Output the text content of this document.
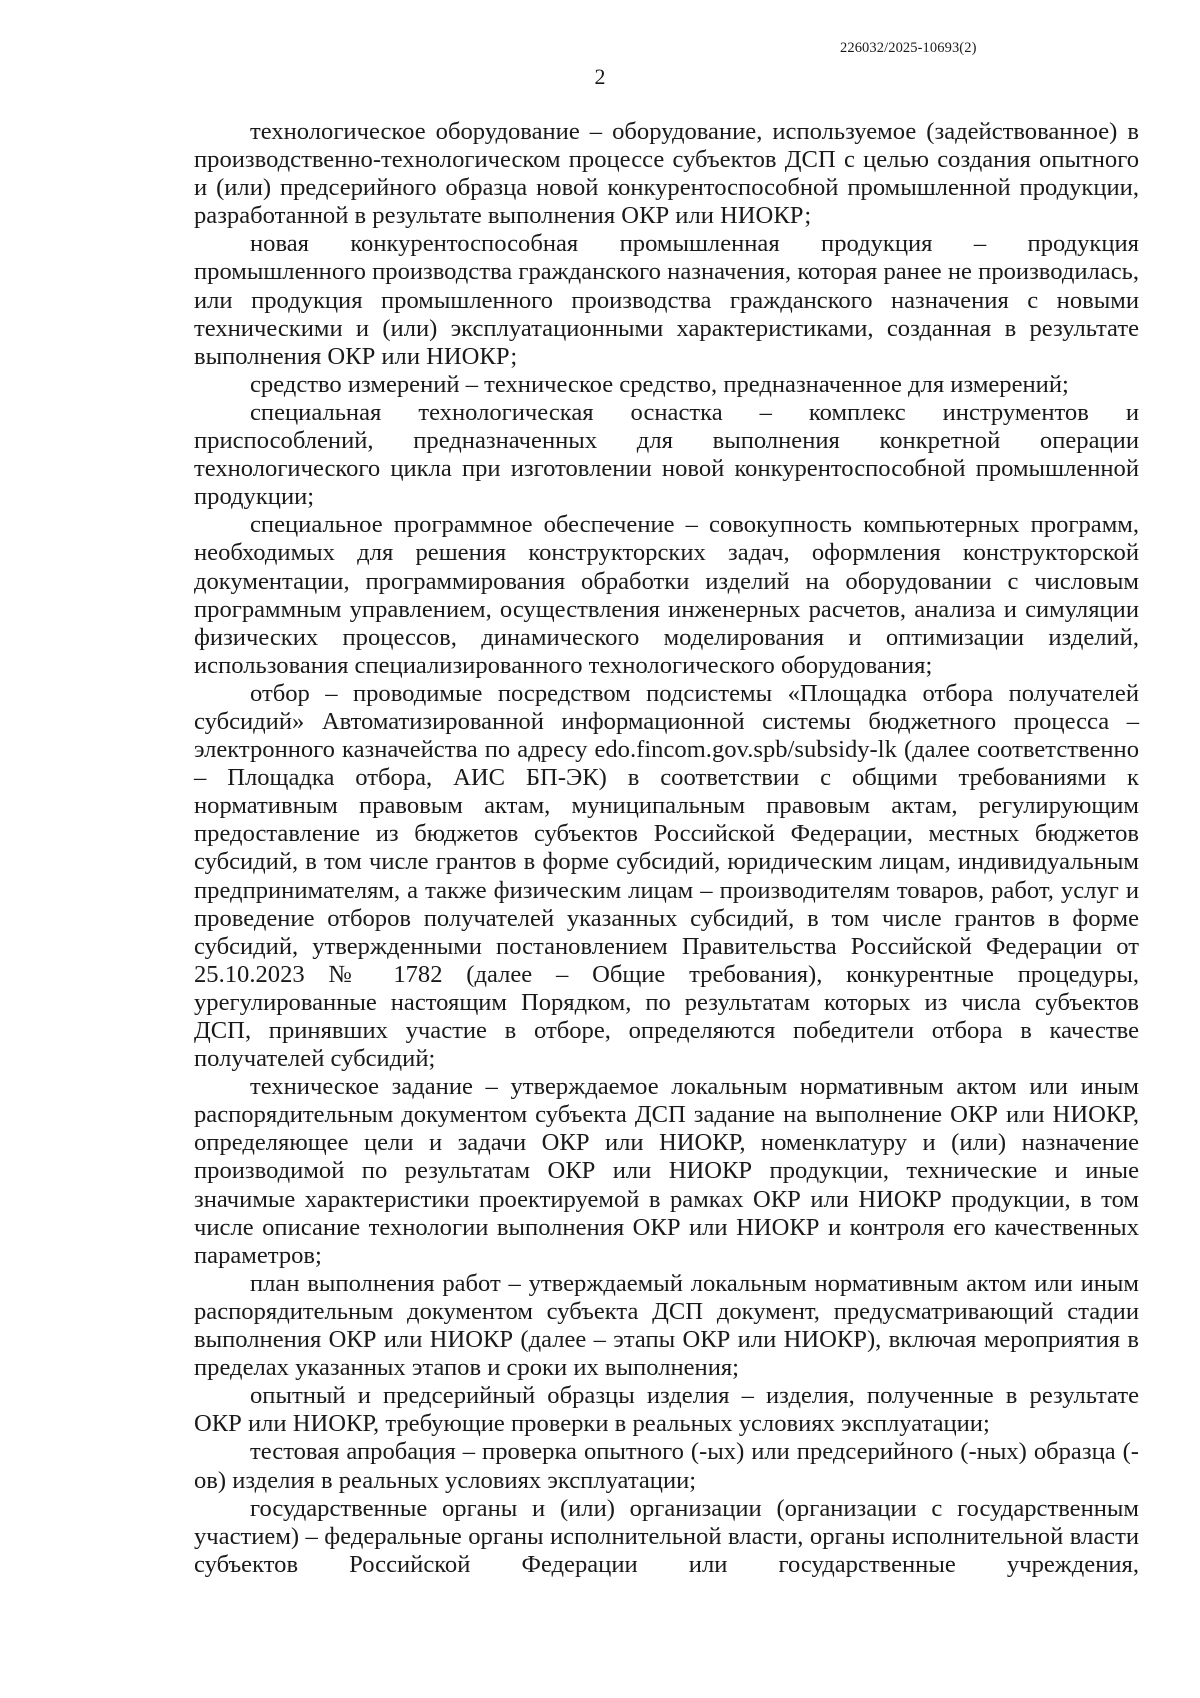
226032/2025-10693(2)
2

технологическое оборудование – оборудование, используемое (задействованное) в производственно-технологическом процессе субъектов ДСП с целью создания опытного и (или) предсерийного образца новой конкурентоспособной промышленной продукции, разработанной в результате выполнения ОКР или НИОКР;

новая конкурентоспособная промышленная продукция – продукция промышленного производства гражданского назначения, которая ранее не производилась, или продукция промышленного производства гражданского назначения с новыми техническими и (или) эксплуатационными характеристиками, созданная в результате выполнения ОКР или НИОКР;

средство измерений – техническое средство, предназначенное для измерений;

специальная технологическая оснастка – комплекс инструментов и приспособлений, предназначенных для выполнения конкретной операции технологического цикла при изготовлении новой конкурентоспособной промышленной продукции;

специальное программное обеспечение – совокупность компьютерных программ, необходимых для решения конструкторских задач, оформления конструкторской документации, программирования обработки изделий на оборудовании с числовым программным управлением, осуществления инженерных расчетов, анализа и симуляции физических процессов, динамического моделирования и оптимизации изделий, использования специализированного технологического оборудования;

отбор – проводимые посредством подсистемы «Площадка отбора получателей субсидий» Автоматизированной информационной системы бюджетного процесса – электронного казначейства по адресу edo.fincom.gov.spb/subsidy-lk (далее соответственно – Площадка отбора, АИС БП-ЭК) в соответствии с общими требованиями к нормативным правовым актам, муниципальным правовым актам, регулирующим предоставление из бюджетов субъектов Российской Федерации, местных бюджетов субсидий, в том числе грантов в форме субсидий, юридическим лицам, индивидуальным предпринимателям, а также физическим лицам – производителям товаров, работ, услуг и проведение отборов получателей указанных субсидий, в том числе грантов в форме субсидий, утвержденными постановлением Правительства Российской Федерации от 25.10.2023 № 1782 (далее – Общие требования), конкурентные процедуры, урегулированные настоящим Порядком, по результатам которых из числа субъектов ДСП, принявших участие в отборе, определяются победители отбора в качестве получателей субсидий;

техническое задание – утверждаемое локальным нормативным актом или иным распорядительным документом субъекта ДСП задание на выполнение ОКР или НИОКР, определяющее цели и задачи ОКР или НИОКР, номенклатуру и (или) назначение производимой по результатам ОКР или НИОКР продукции, технические и иные значимые характеристики проектируемой в рамках ОКР или НИОКР продукции, в том числе описание технологии выполнения ОКР или НИОКР и контроля его качественных параметров;

план выполнения работ – утверждаемый локальным нормативным актом или иным распорядительным документом субъекта ДСП документ, предусматривающий стадии выполнения ОКР или НИОКР (далее – этапы ОКР или НИОКР), включая мероприятия в пределах указанных этапов и сроки их выполнения;

опытный и предсерийный образцы изделия – изделия, полученные в результате ОКР или НИОКР, требующие проверки в реальных условиях эксплуатации;

тестовая апробация – проверка опытного (-ых) или предсерийного (-ных) образца (-ов) изделия в реальных условиях эксплуатации;

государственные органы и (или) организации (организации с государственным участием) – федеральные органы исполнительной власти, органы исполнительной власти субъектов Российской Федерации или государственные учреждения,
